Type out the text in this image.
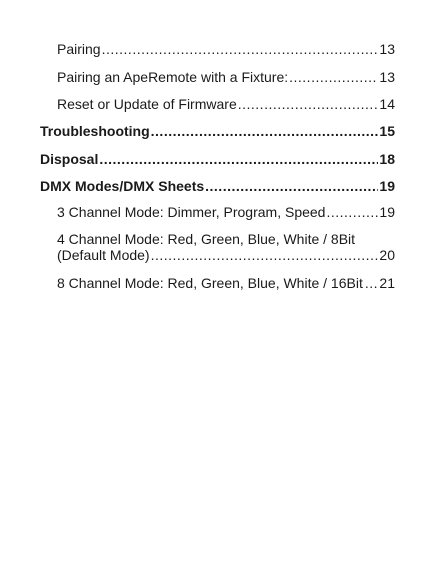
Pairing .....	13
Pairing an ApeRemote with a Fixture: .....	13
Reset or Update of Firmware .....	14
Troubleshooting .....	15
Disposal .....	18
DMX Modes/DMX Sheets .....	19
3 Channel Mode: Dimmer, Program, Speed .....	19
4 Channel Mode: Red, Green, Blue, White / 8Bit
(Default Mode) .....	20
8 Channel Mode: Red, Green, Blue, White / 16Bit ..... 21
